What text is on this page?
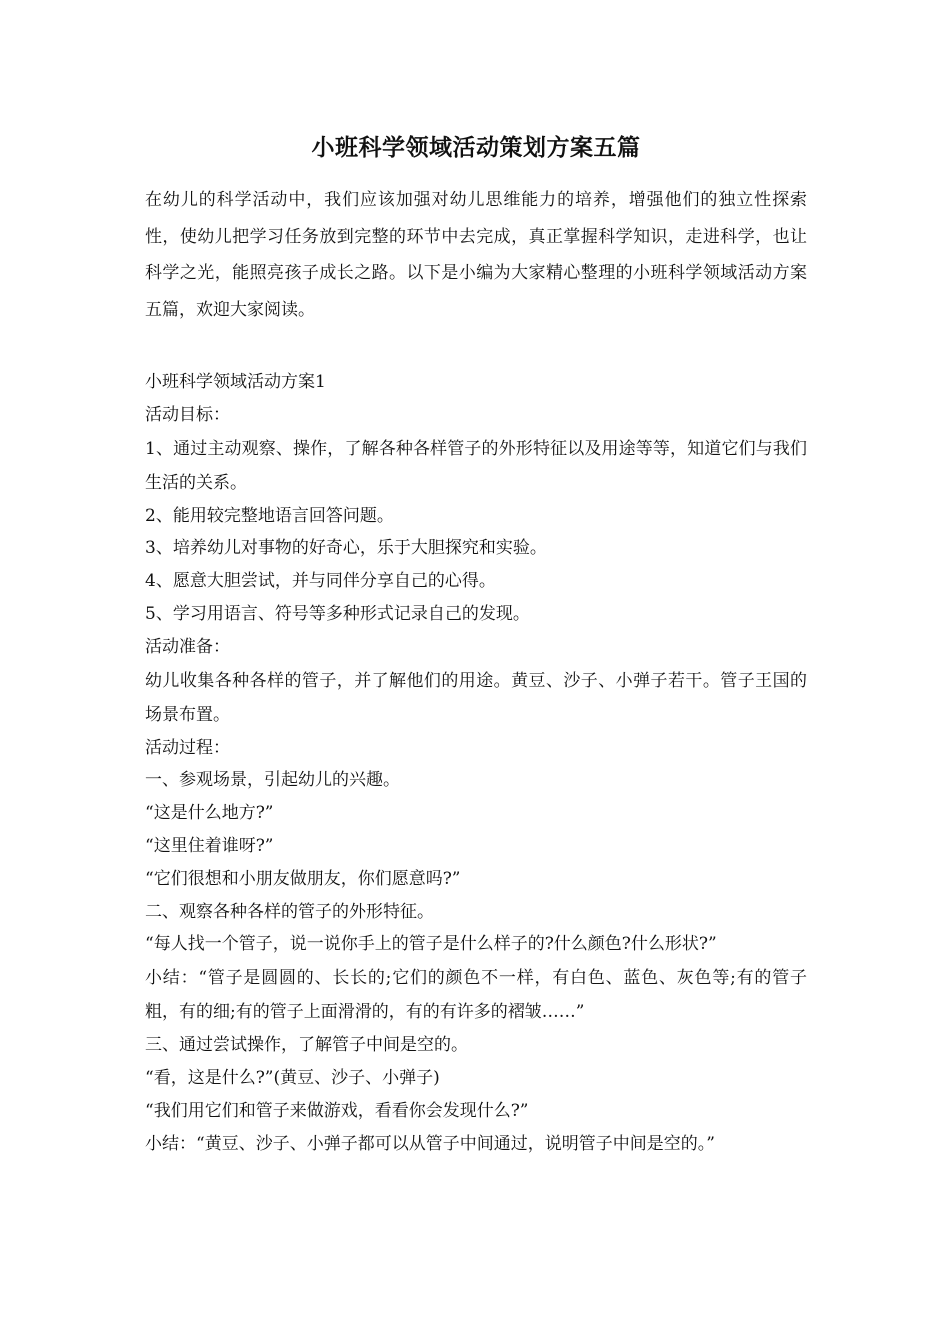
小班科学领域活动策划方案五篇

在幼儿的科学活动中，我们应该加强对幼儿思维能力的培养，增强他们的独立性探索性，使幼儿把学习任务放到完整的环节中去完成，真正掌握科学知识，走进科学，也让科学之光，能照亮孩子成长之路。以下是小编为大家精心整理的小班科学领域活动方案五篇，欢迎大家阅读。

小班科学领域活动方案1

活动目标：

1、通过主动观察、操作，了解各种各样管子的外形特征以及用途等等，知道它们与我们生活的关系。

2、能用较完整地语言回答问题。

3、培养幼儿对事物的好奇心，乐于大胆探究和实验。

4、愿意大胆尝试，并与同伴分享自己的心得。

5、学习用语言、符号等多种形式记录自己的发现。

活动准备：

幼儿收集各种各样的管子，并了解他们的用途。黄豆、沙子、小弹子若干。管子王国的场景布置。

活动过程：

一、参观场景，引起幼儿的兴趣。

“这是什么地方?”

“这里住着谁呀?”

“它们很想和小朋友做朋友，你们愿意吗?”

二、观察各种各样的管子的外形特征。

“每人找一个管子，说一说你手上的管子是什么样子的?什么颜色?什么形状?”

小结：“管子是圆圆的、长长的;它们的颜色不一样，有白色、蓝色、灰色等;有的管子粗，有的细;有的管子上面滑滑的，有的有许多的褶皱……”

三、通过尝试操作，了解管子中间是空的。

“看，这是什么?”(黄豆、沙子、小弹子)

“我们用它们和管子来做游戏，看看你会发现什么?”

小结：“黄豆、沙子、小弹子都可以从管子中间通过，说明管子中间是空的。”
